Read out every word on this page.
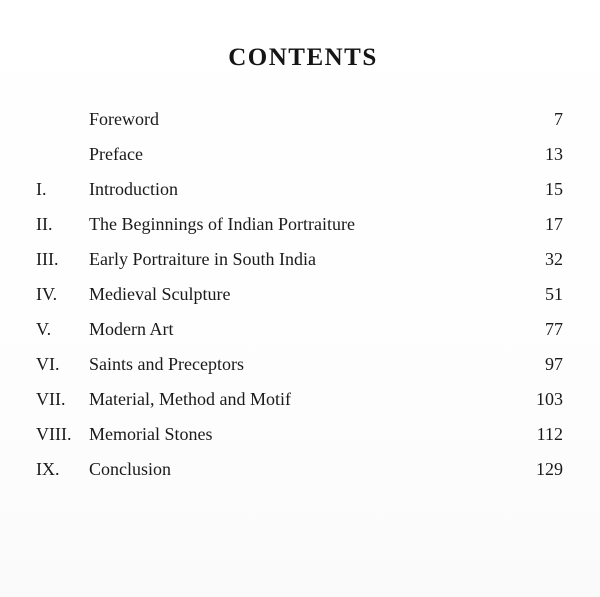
CONTENTS
Foreword	7
Preface	13
I. Introduction	15
II. The Beginnings of Indian Portraiture	17
III. Early Portraiture in South India	32
IV. Medieval Sculpture	51
V. Modern Art	77
VI. Saints and Preceptors	97
VII. Material, Method and Motif	103
VIII. Memorial Stones	112
IX. Conclusion	129
